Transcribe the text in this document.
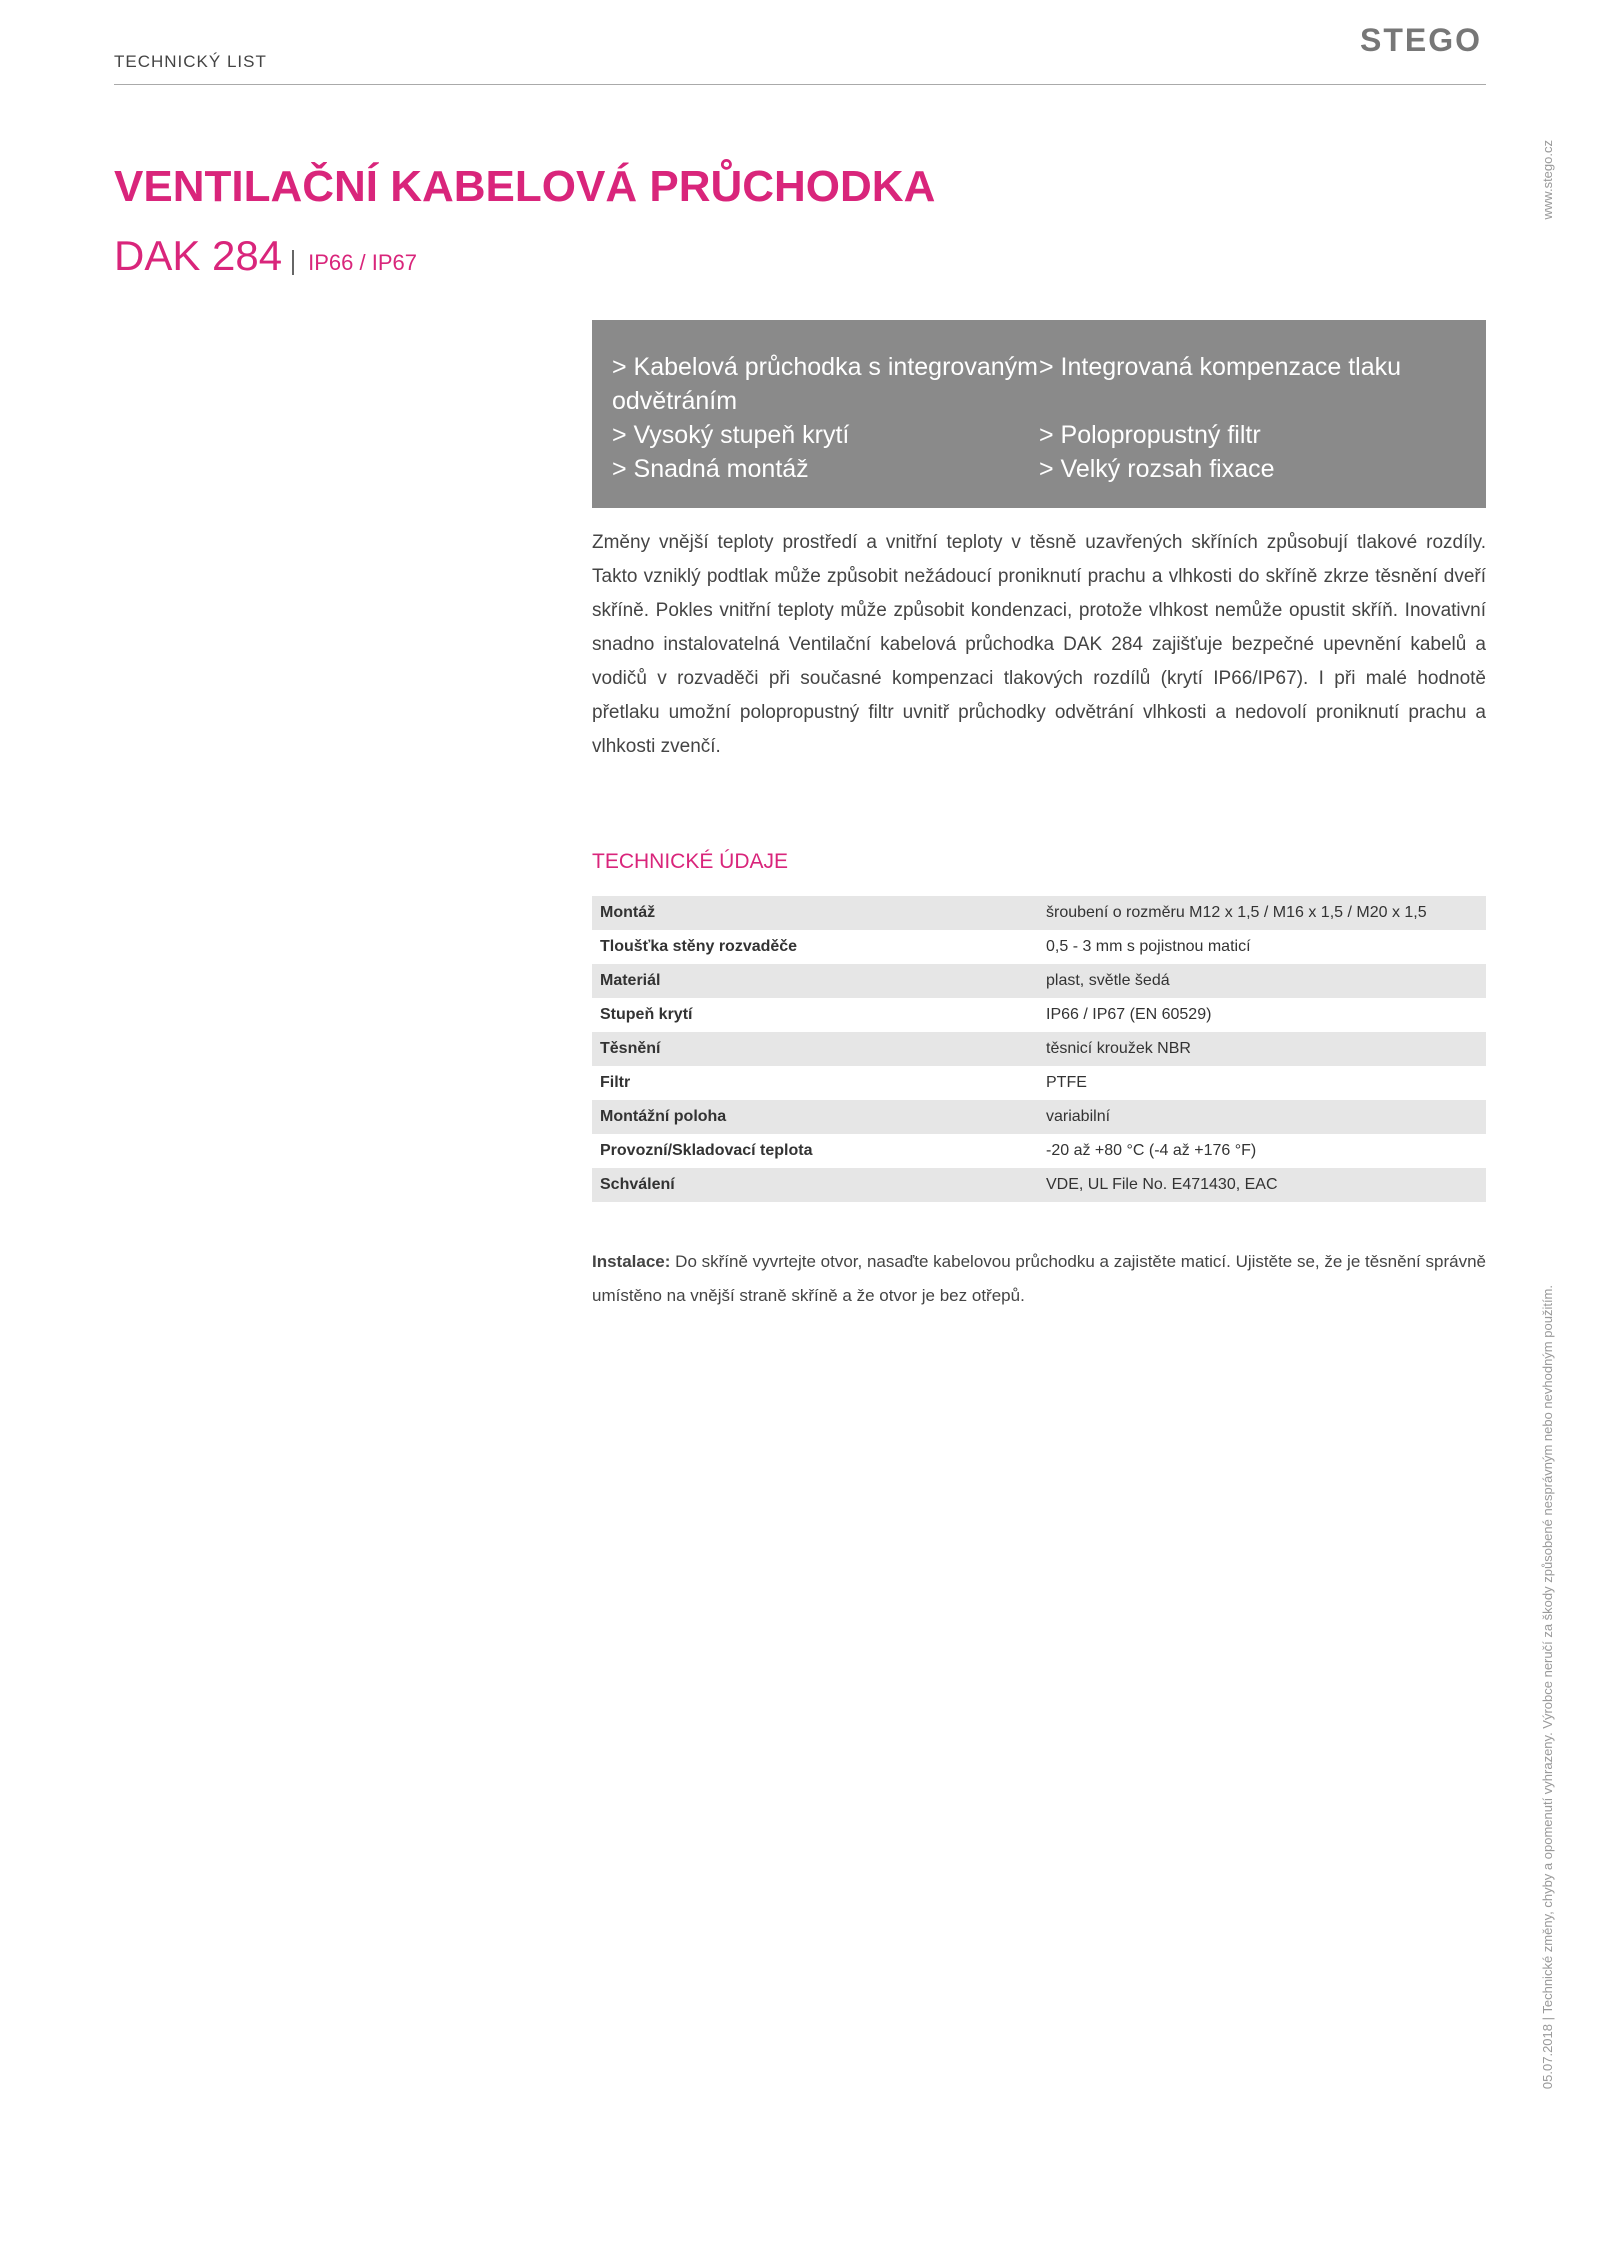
TECHNICKÝ LIST
STEGO
www.stego.cz
05.07.2018 | Technické změny, chyby a opomenutí vyhrazeny. Výrobce neručí za škody způsobené nesprávným nebo nevhodným použitím.
VENTILAČNÍ KABELOVÁ PRŮCHODKA
DAK 284 IP66 / IP67
> Kabelová průchodka s integrovaným odvětráním
> Integrovaná kompenzace tlaku
> Vysoký stupeň krytí	> Polopropustný filtr
> Snadná montáž	> Velký rozsah fixace
Změny vnější teploty prostředí a vnitřní teploty v těsně uzavřených skříních způsobují tlakové rozdíly. Takto vzniklý podtlak může způsobit nežádoucí proniknutí prachu a vlhkosti do skříně zkrze těsnění dveří skříně. Pokles vnitřní teploty může způsobit kondenzaci, protože vlhkost nemůže opustit skříň. Inovativní snadno instalovatelná Ventilační kabelová průchodka DAK 284 zajišťuje bezpečné upevnění kabelů a vodičů v rozvaděči při současné kompenzaci tlakových rozdílů (krytí IP66/IP67). I při malé hodnotě přetlaku umožní polopropustný filtr uvnitř průchodky odvětrání vlhkosti a nedovolí proniknutí prachu a vlhkosti zvenčí.
TECHNICKÉ ÚDAJE
Montáž	šroubení o rozměru M12 x 1,5 / M16 x 1,5 / M20 x 1,5
Tloušťka stěny rozvaděče	0,5 - 3 mm s pojistnou maticí
Materiál	plast, světle šedá
Stupeň krytí	IP66 / IP67 (EN 60529)
Těsnění	těsnicí kroužek NBR
Filtr	PTFE
Montážní poloha	variabilní
Provozní/Skladovací teplota	-20 až +80 °C (-4 až +176 °F)
Schválení	VDE, UL File No. E471430, EAC
Instalace: Do skříně vyvrtejte otvor, nasaďte kabelovou průchodku a zajistěte maticí. Ujistěte se, že je těsnění správně umístěno na vnější straně skříně a že otvor je bez otřepů.
